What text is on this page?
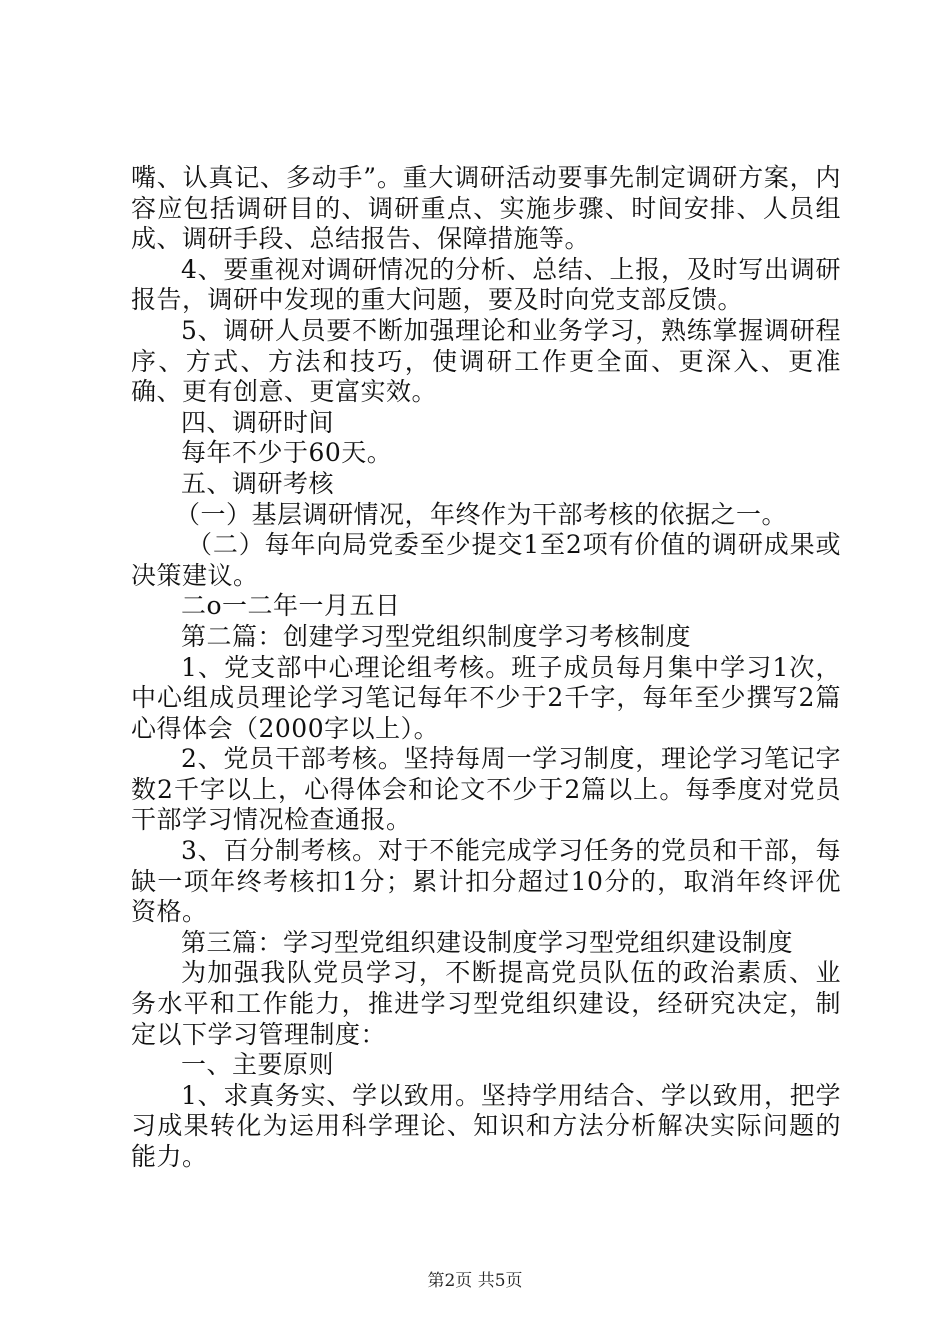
嘴、认真记、多动手”。重大调研活动要事先制定调研方案，内容应包括调研目的、调研重点、实施步骤、时间安排、人员组成、调研手段、总结报告、保障措施等。

4、要重视对调研情况的分析、总结、上报，及时写出调研报告，调研中发现的重大问题，要及时向党支部反馈。

5、调研人员要不断加强理论和业务学习，熟练掌握调研程序、方式、方法和技巧，使调研工作更全面、更深入、更准确、更有创意、更富实效。

四、调研时间

每年不少于60天。

五、调研考核

（一）基层调研情况，年终作为干部考核的依据之一。

（二）每年向局党委至少提交1至2项有价值的调研成果或决策建议。

二o一二年一月五日

第二篇：创建学习型党组织制度学习考核制度

1、党支部中心理论组考核。班子成员每月集中学习1次，中心组成员理论学习笔记每年不少于2千字，每年至少撰写2篇心得体会（2000字以上）。

2、党员干部考核。坚持每周一学习制度，理论学习笔记字数2千字以上，心得体会和论文不少于2篇以上。每季度对党员干部学习情况检查通报。

3、百分制考核。对于不能完成学习任务的党员和干部，每缺一项年终考核扣1分；累计扣分超过10分的，取消年终评优资格。

第三篇：学习型党组织建设制度学习型党组织建设制度

为加强我队党员学习，不断提高党员队伍的政治素质、业务水平和工作能力，推进学习型党组织建设，经研究决定，制定以下学习管理制度：

一、主要原则

1、求真务实、学以致用。坚持学用结合、学以致用，把学习成果转化为运用科学理论、知识和方法分析解决实际问题的能力。

第2页 共5页
